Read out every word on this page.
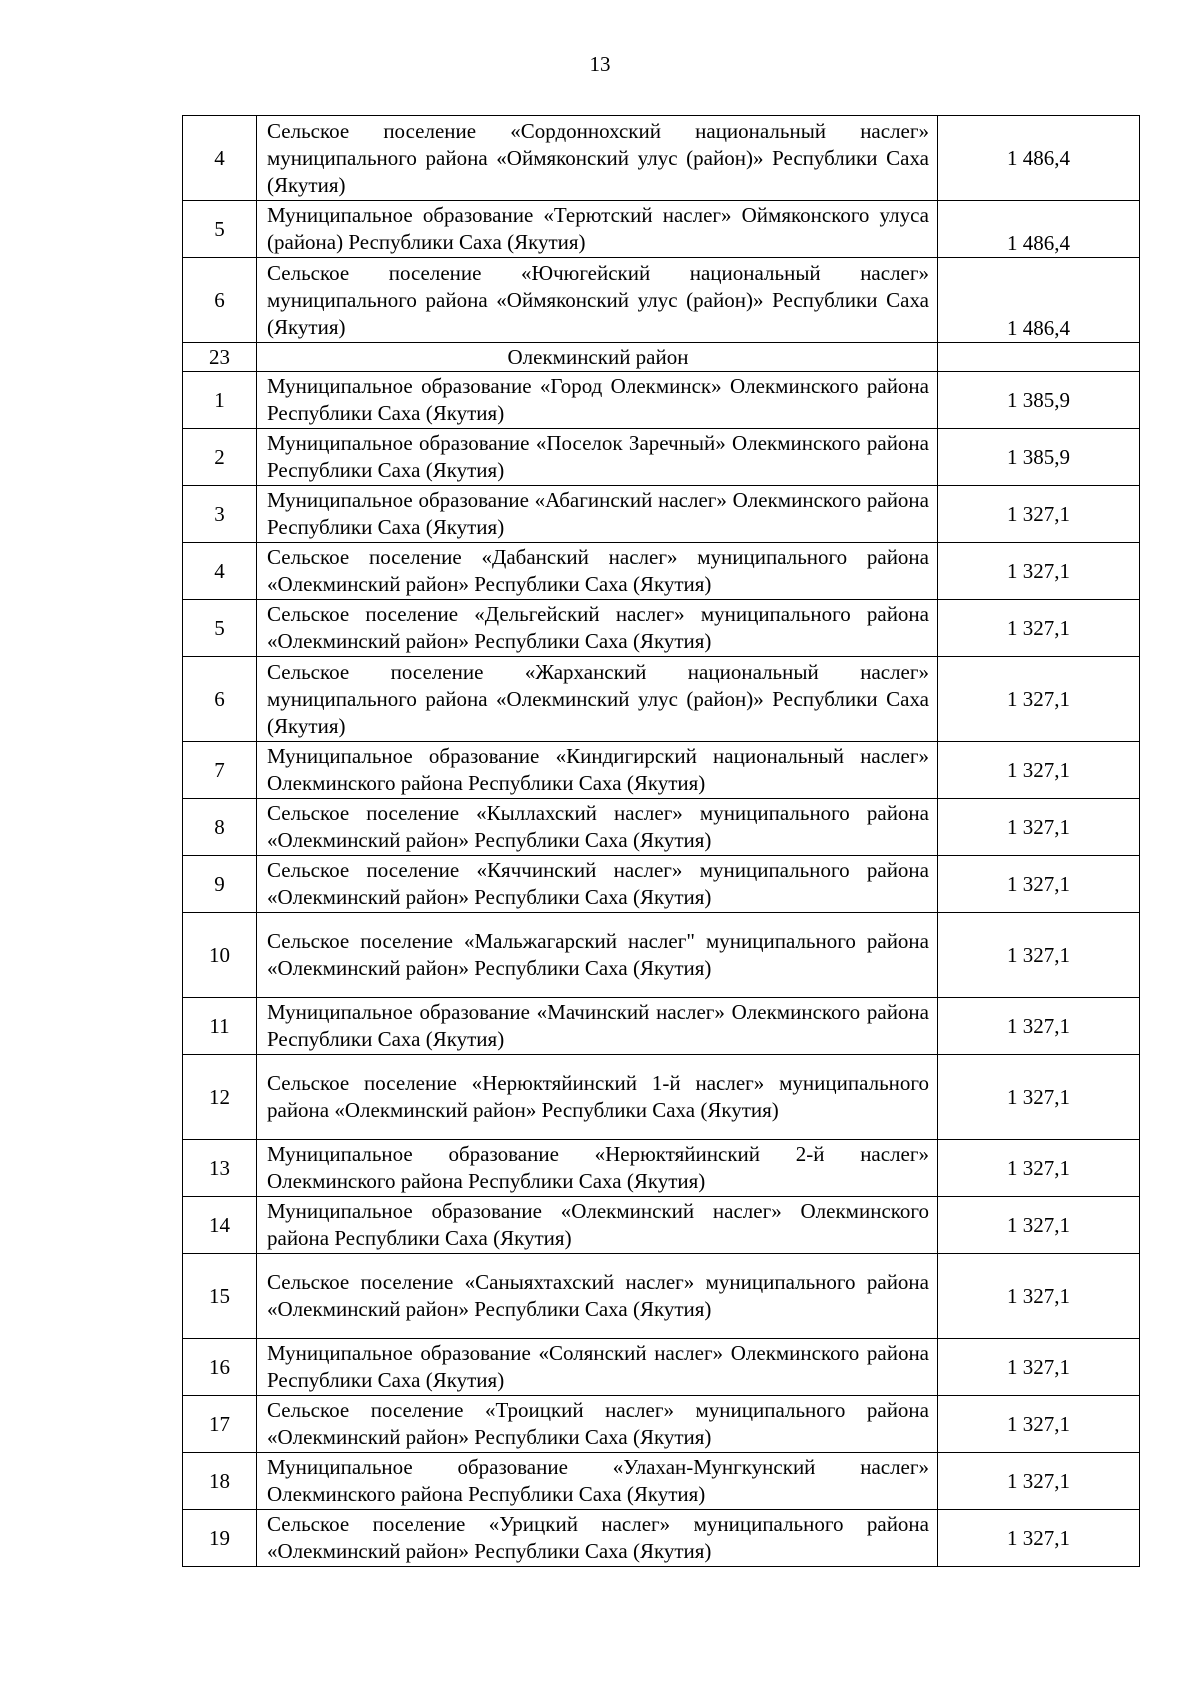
13
4	Сельское поселение «Сордоннохский национальный наслег» муниципального района «Оймяконский улус (район)» Республики Саха (Якутия)	1 486,4
5	Муниципальное образование «Терютский наслег» Оймяконского улуса (района) Республики Саха (Якутия)	1 486,4
6	Сельское поселение «Ючюгейский национальный наслег» муниципального района «Оймяконский улус (район)» Республики Саха (Якутия)	1 486,4
23	Олекминский район	
1	Муниципальное образование «Город Олекминск» Олекминского района Республики Саха (Якутия)	1 385,9
2	Муниципальное образование «Поселок Заречный» Олекминского района Республики Саха (Якутия)	1 385,9
3	Муниципальное образование «Абагинский наслег» Олекминского района Республики Саха (Якутия)	1 327,1
4	Сельское поселение «Дабанский наслег» муниципального района «Олекминский район» Республики Саха (Якутия)	1 327,1
5	Сельское поселение «Дельгейский наслег» муниципального района «Олекминский район» Республики Саха (Якутия)	1 327,1
6	Сельское поселение «Жарханский национальный наслег» муниципального района «Олекминский улус (район)» Республики Саха (Якутия)	1 327,1
7	Муниципальное образование «Киндигирский национальный наслег» Олекминского района Республики Саха (Якутия)	1 327,1
8	Сельское поселение «Кыллахский наслег» муниципального района «Олекминский район» Республики Саха (Якутия)	1 327,1
9	Сельское поселение «Кяччинский наслег» муниципального района «Олекминский район» Республики Саха (Якутия)	1 327,1
10	Сельское поселение «Мальжагарский наслег" муниципального района «Олекминский район» Республики Саха (Якутия)	1 327,1
11	Муниципальное образование «Мачинский наслег» Олекминского района Республики Саха (Якутия)	1 327,1
12	Сельское поселение «Нерюктяйинский 1-й наслег» муниципального района «Олекминский район» Республики Саха (Якутия)	1 327,1
13	Муниципальное образование «Нерюктяйинский 2-й наслег» Олекминского района Республики Саха (Якутия)	1 327,1
14	Муниципальное образование «Олекминский наслег» Олекминского района Республики Саха (Якутия)	1 327,1
15	Сельское поселение «Саныяхтахский наслег» муниципального района «Олекминский район» Республики Саха (Якутия)	1 327,1
16	Муниципальное образование «Солянский наслег» Олекминского района Республики Саха (Якутия)	1 327,1
17	Сельское поселение «Троицкий наслег» муниципального района «Олекминский район» Республики Саха (Якутия)	1 327,1
18	Муниципальное образование «Улахан-Мунгкунский наслег» Олекминского района Республики Саха (Якутия)	1 327,1
19	Сельское поселение «Урицкий наслег» муниципального района «Олекминский район» Республики Саха (Якутия)	1 327,1
